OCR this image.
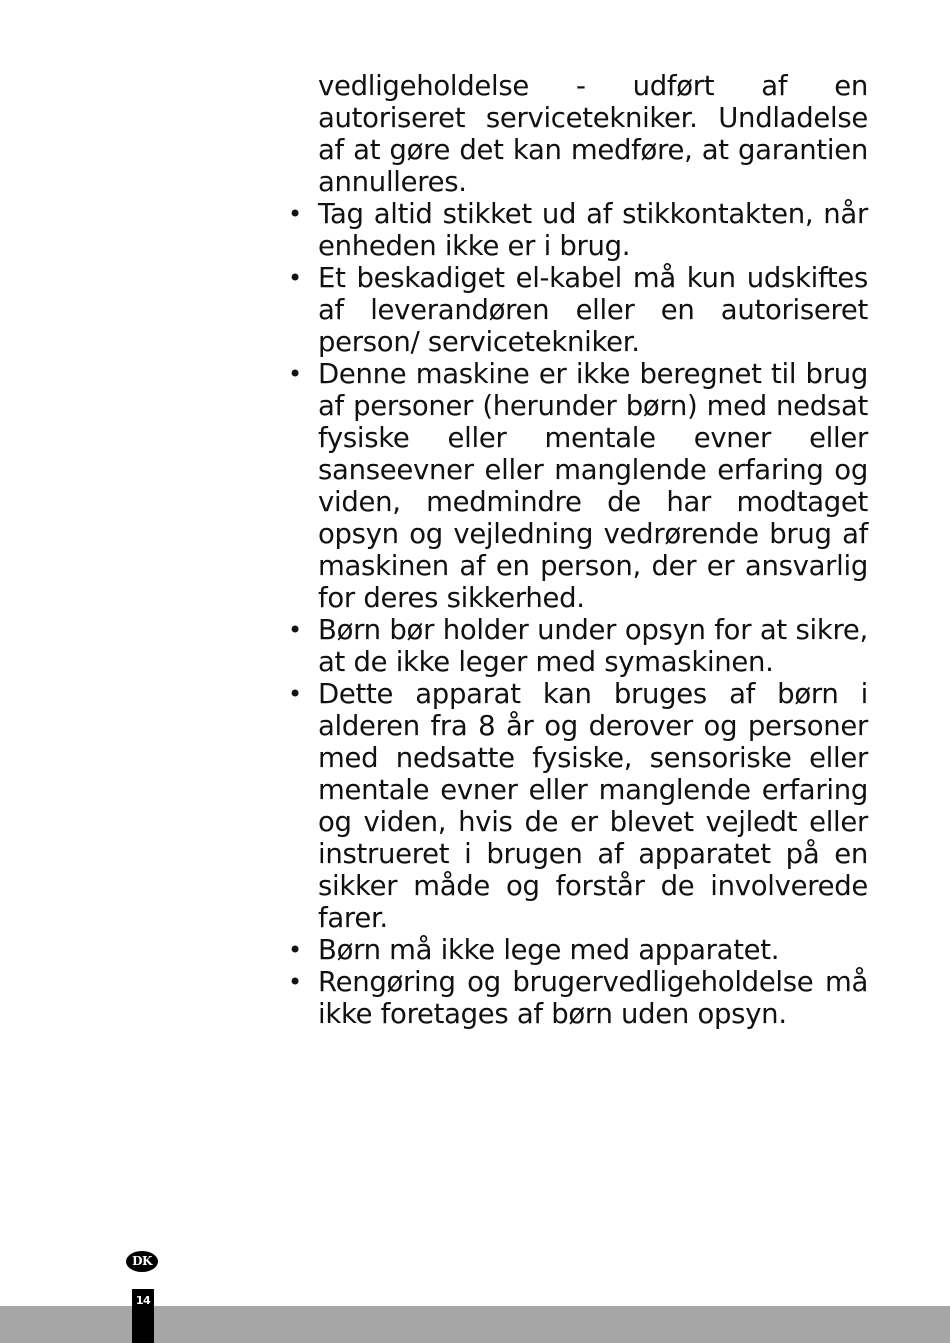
vedligeholdelse - udført af en autoriseret servicetekniker. Undladelse af at gøre det kan medføre, at garantien annulleres.

• Tag altid stikket ud af stikkontakten, når enheden ikke er i brug.
• Et beskadiget el-kabel må kun udskiftes af leverandøren eller en autoriseret person/ servicetekniker.
• Denne maskine er ikke beregnet til brug af personer (herunder børn) med nedsat fysiske eller mentale evner eller sanseevner eller manglende erfaring og viden, medmindre de har modtaget opsyn og vejledning vedrørende brug af maskinen af en person, der er ansvarlig for deres sikkerhed.
• Børn bør holder under opsyn for at sikre, at de ikke leger med symaskinen.
• Dette apparat kan bruges af børn i alderen fra 8 år og derover og personer med nedsatte fysiske, sensoriske eller mentale evner eller manglende erfaring og viden, hvis de er blevet vejledt eller instrueret i brugen af apparatet på en sikker måde og forstår de involverede farer.
• Børn må ikke lege med apparatet.
• Rengøring og brugervedligeholdelse må ikke foretages af børn uden opsyn.
DK
14
